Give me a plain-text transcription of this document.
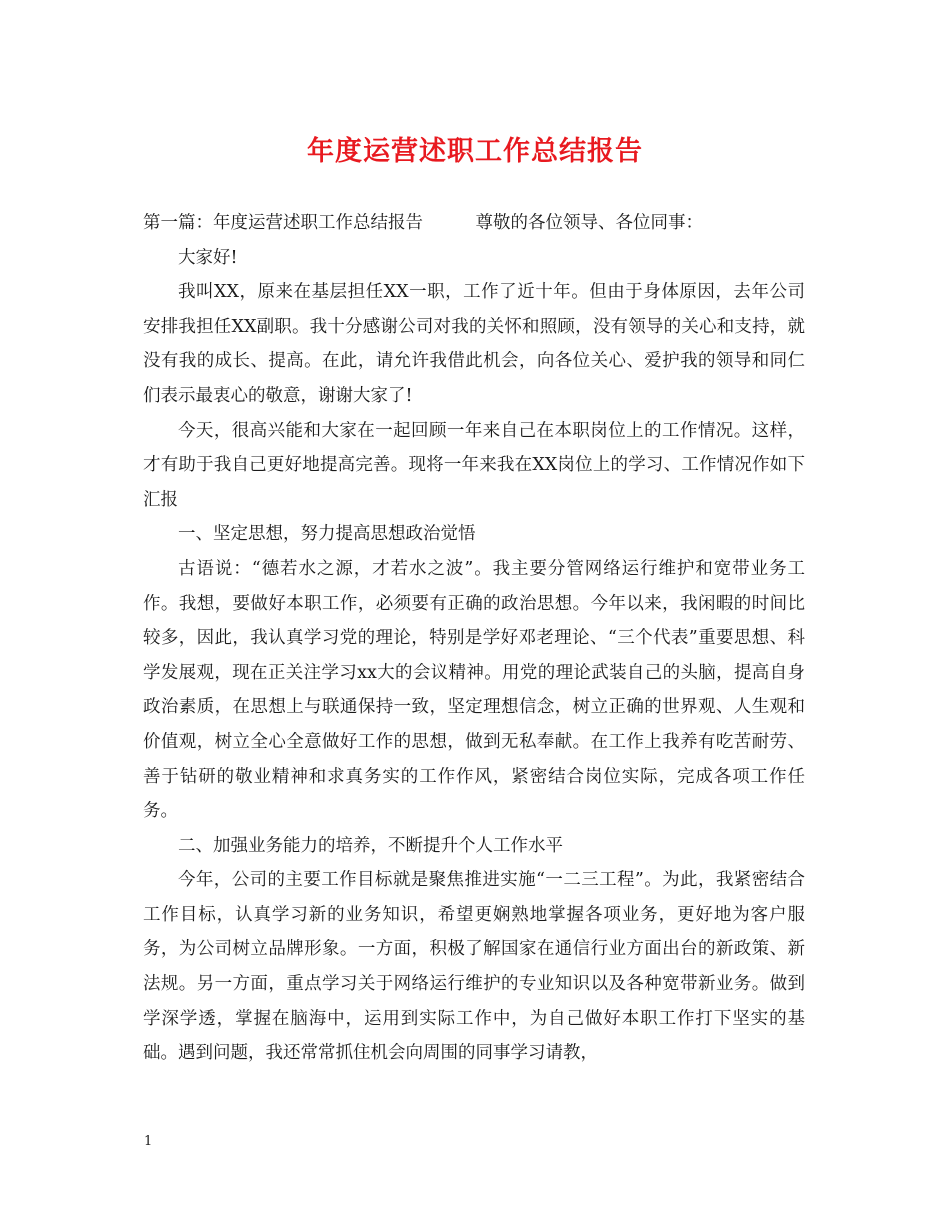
年度运营述职工作总结报告

第一篇：年度运营述职工作总结报告　　　尊敬的各位领导、各位同事：

大家好!

我叫XX，原来在基层担任XX一职，工作了近十年。但由于身体原因，去年公司安排我担任XX副职。我十分感谢公司对我的关怀和照顾，没有领导的关心和支持，就没有我的成长、提高。在此，请允许我借此机会，向各位关心、爱护我的领导和同仁们表示最衷心的敬意，谢谢大家了!

今天，很高兴能和大家在一起回顾一年来自己在本职岗位上的工作情况。这样，才有助于我自己更好地提高完善。现将一年来我在XX岗位上的学习、工作情况作如下汇报

一、坚定思想，努力提高思想政治觉悟

古语说：“德若水之源，才若水之波”。我主要分管网络运行维护和宽带业务工作。我想，要做好本职工作，必须要有正确的政治思想。今年以来，我闲暇的时间比较多，因此，我认真学习党的理论，特别是学好邓老理论、“三个代表”重要思想、科学发展观，现在正关注学习xx大的会议精神。用党的理论武装自己的头脑，提高自身政治素质，在思想上与联通保持一致，坚定理想信念，树立正确的世界观、人生观和价值观，树立全心全意做好工作的思想，做到无私奉献。在工作上我养有吃苦耐劳、善于钻研的敬业精神和求真务实的工作作风，紧密结合岗位实际，完成各项工作任务。

二、加强业务能力的培养，不断提升个人工作水平

今年，公司的主要工作目标就是聚焦推进实施“一二三工程”。为此，我紧密结合工作目标，认真学习新的业务知识，希望更娴熟地掌握各项业务，更好地为客户服务，为公司树立品牌形象。一方面，积极了解国家在通信行业方面出台的新政策、新法规。另一方面，重点学习关于网络运行维护的专业知识以及各种宽带新业务。做到学深学透，掌握在脑海中，运用到实际工作中，为自己做好本职工作打下坚实的基础。遇到问题，我还常常抓住机会向周围的同事学习请教，

1
